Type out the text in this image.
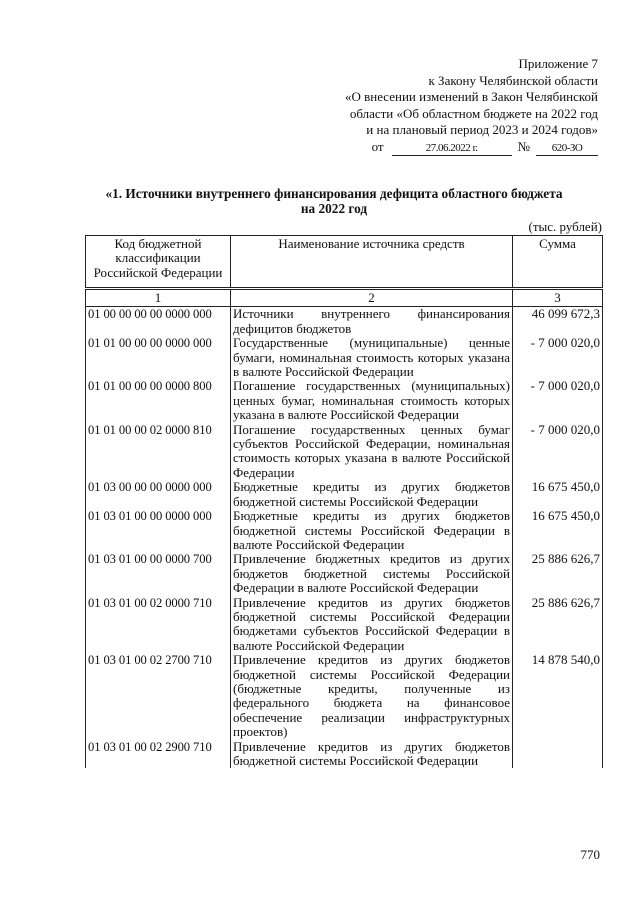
Приложение 7
к Закону Челябинской области
«О внесении изменений в Закон Челябинской
области «Об областном бюджете на 2022 год
и на плановый период 2023 и 2024 годов»
от	27.06.2022 г.	№	620-ЗО
«1. Источники внутреннего финансирования дефицита областного бюджета
на 2022 год
(тыс. рублей)
Код бюджетной классификации Российской Федерации	Наименование источника средств	Сумма
1	2	3
01 00 00 00 00 0000 000	Источники внутреннего финансирования дефицитов бюджетов	46 099 672,3
01 01 00 00 00 0000 000	Государственные (муниципальные) ценные бумаги, номинальная стоимость которых указана в валюте Российской Федерации	- 7 000 020,0
01 01 00 00 00 0000 800	Погашение государственных (муниципальных) ценных бумаг, номинальная стоимость которых указана в валюте Российской Федерации	- 7 000 020,0
01 01 00 00 02 0000 810	Погашение государственных ценных бумаг субъектов Российской Федерации, номинальная стоимость которых указана в валюте Российской Федерации	- 7 000 020,0
01 03 00 00 00 0000 000	Бюджетные кредиты из других бюджетов бюджетной системы Российской Федерации	16 675 450,0
01 03 01 00 00 0000 000	Бюджетные кредиты из других бюджетов бюджетной системы Российской Федерации в валюте Российской Федерации	16 675 450,0
01 03 01 00 00 0000 700	Привлечение бюджетных кредитов из других бюджетов бюджетной системы Российской Федерации в валюте Российской Федерации	25 886 626,7
01 03 01 00 02 0000 710	Привлечение кредитов из других бюджетов бюджетной системы Российской Федерации бюджетами субъектов Российской Федерации в валюте Российской Федерации	25 886 626,7
01 03 01 00 02 2700 710	Привлечение кредитов из других бюджетов бюджетной системы Российской Федерации (бюджетные кредиты, полученные из федерального бюджета на финансовое обеспечение реализации инфраструктурных проектов)	14 878 540,0
01 03 01 00 02 2900 710	Привлечение кредитов из других бюджетов бюджетной системы Российской Федерации	
770
